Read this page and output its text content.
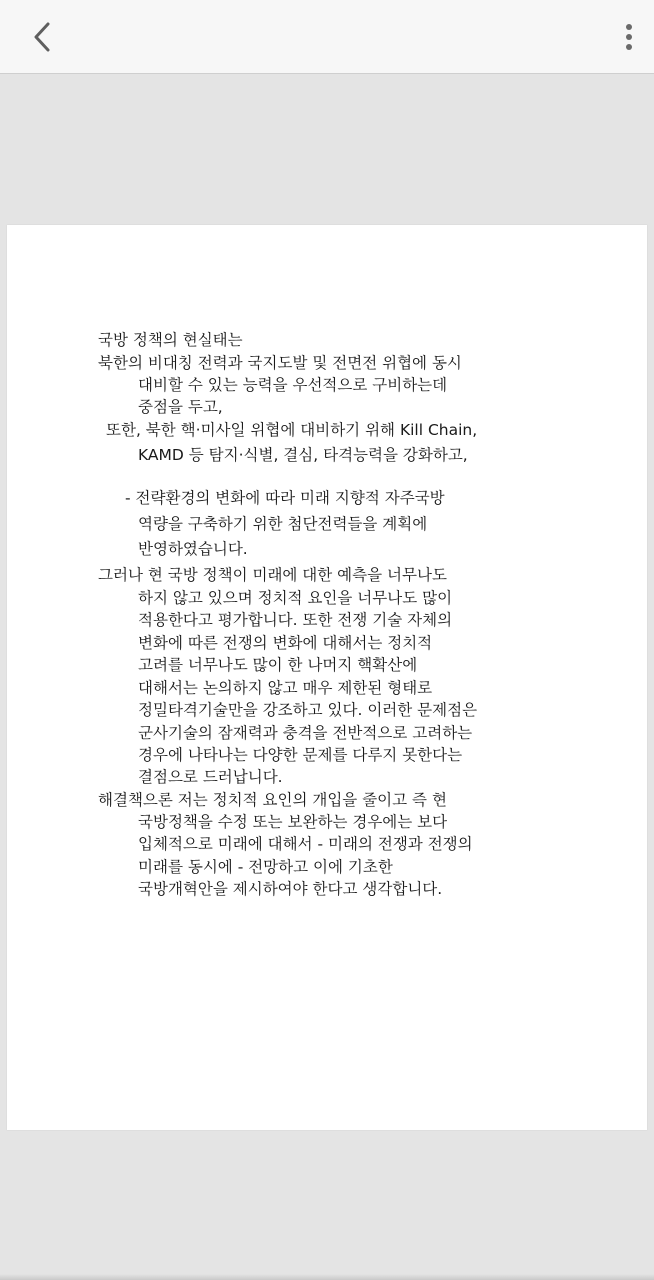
국방 정책의 현실태는
북한의 비대칭 전력과 국지도발 및 전면전 위협에 동시
대비할 수 있는 능력을 우선적으로 구비하는데
중점을 두고,
또한, 북한 핵·미사일 위협에 대비하기 위해 Kill Chain,
KAMD 등 탐지·식별, 결심, 타격능력을 강화하고,
- 전략환경의 변화에 따라 미래 지향적 자주국방
역량을 구축하기 위한 첨단전력들을 계획에
반영하였습니다.
그러나 현 국방 정책이 미래에 대한 예측을 너무나도
하지 않고 있으며 정치적 요인을 너무나도 많이
적용한다고 평가합니다. 또한 전쟁 기술 자체의
변화에 따른 전쟁의 변화에 대해서는 정치적
고려를 너무나도 많이 한 나머지 핵확산에
대해서는 논의하지 않고 매우 제한된 형태로
정밀타격기술만을 강조하고 있다. 이러한 문제점은
군사기술의 잠재력과 충격을 전반적으로 고려하는
경우에 나타나는 다양한 문제를 다루지 못한다는
결점으로 드러납니다.
해결책으론 저는 정치적 요인의 개입을 줄이고 즉 현
국방정책을 수정 또는 보완하는 경우에는 보다
입체적으로 미래에 대해서 - 미래의 전쟁과 전쟁의
미래를 동시에 - 전망하고 이에 기초한
국방개혁안을 제시하여야 한다고 생각합니다.
